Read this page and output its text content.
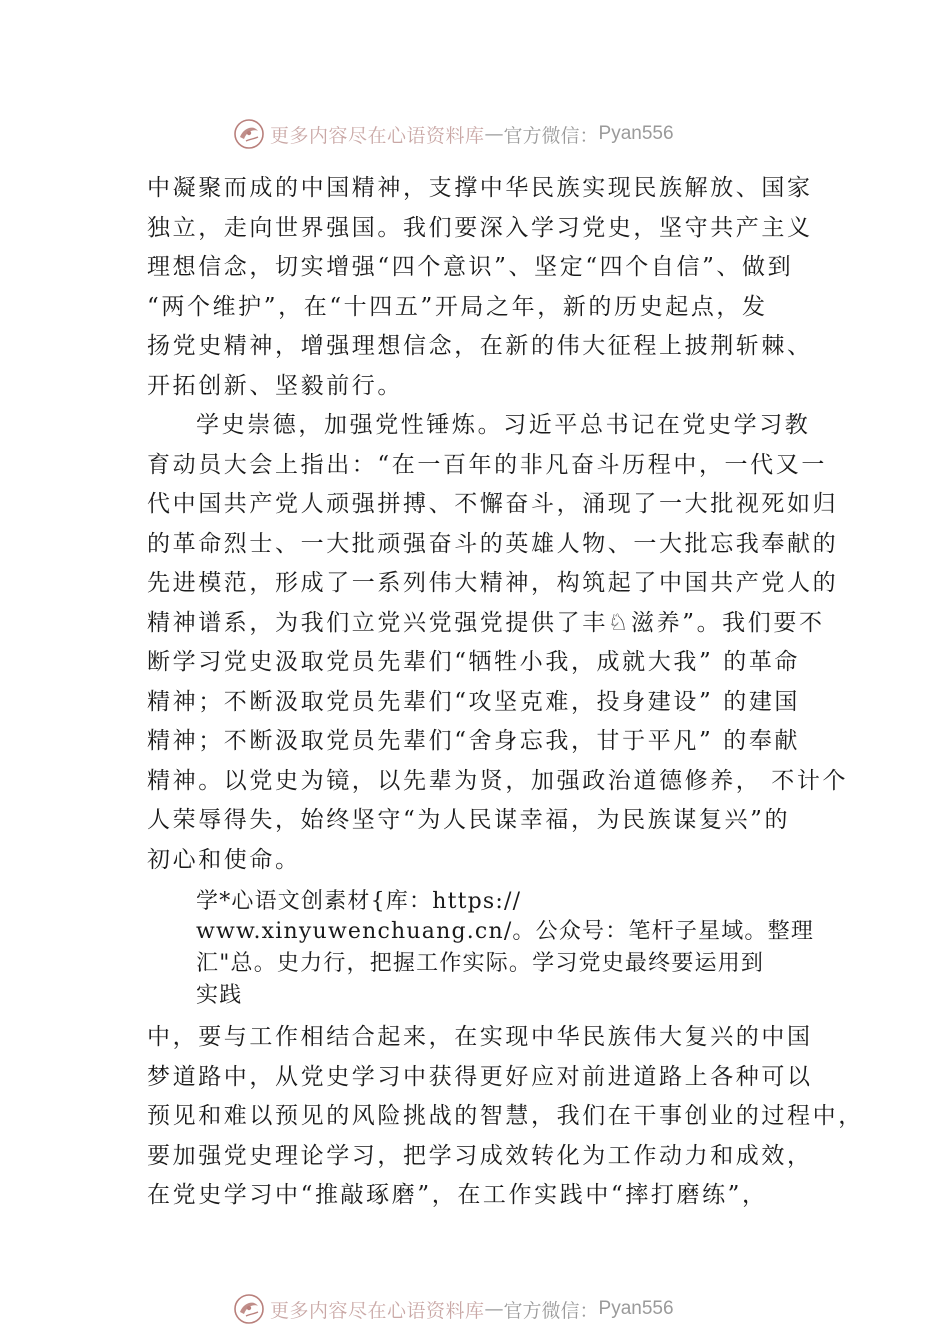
更多内容尽在心语资料库 — 官方微信： Pyan556
中凝聚而成的中国精神，支撑中华民族实现民族解放、国家
独立，走向世界强国。我们要深入学习党史，坚守共产主义
理想信念，切实增强“四个意识”、坚定“四个自信”、做到
“两个维护”，在“十四五”开局之年，新的历史起点，发
扬党史精神，增强理想信念，在新的伟大征程上披荆斩棘、
开拓创新、坚毅前行。
学史崇德，加强党性锤炼。习近平总书记在党史学习教
育动员大会上指出：“在一百年的非凡奋斗历程中，一代又一
代中国共产党人顽强拼搏、不懈奋斗，涌现了一大批视死如归
的革命烈士、一大批顽强奋斗的英雄人物、一大批忘我奉献的
先进模范，形成了一系列伟大精神，构筑起了中国共产党人的
精神谱系，为我们立党兴党强党提供了丰♘滋养”。我们要不
断学习党史汲取党员先辈们“牺牲小我，成就大我” 的革命
精神；不断汲取党员先辈们“攻坚克难，投身建设” 的建国
精神；不断汲取党员先辈们“舍身忘我，甘于平凡” 的奉献
精神。以党史为镜，以先辈为贤，加强政治道德修养， 不计个
人荣辱得失，始终坚守“为人民谋幸福，为民族谋复兴”的
初心和使命。
学*心语文创素材{库：https://
www.xinyuwenchuang.cn/。公众号：笔杆子星域。整理
汇"总。史力行，把握工作实际。学习党史最终要运用到
实践
中，要与工作相结合起来，在实现中华民族伟大复兴的中国
梦道路中，从党史学习中获得更好应对前进道路上各种可以
预见和难以预见的风险挑战的智慧，我们在干事创业的过程中，
要加强党史理论学习，把学习成效转化为工作动力和成效，
在党史学习中“推敲琢磨”，在工作实践中“摔打磨练”，
更多内容尽在心语资料库 — 官方微信： Pyan556
